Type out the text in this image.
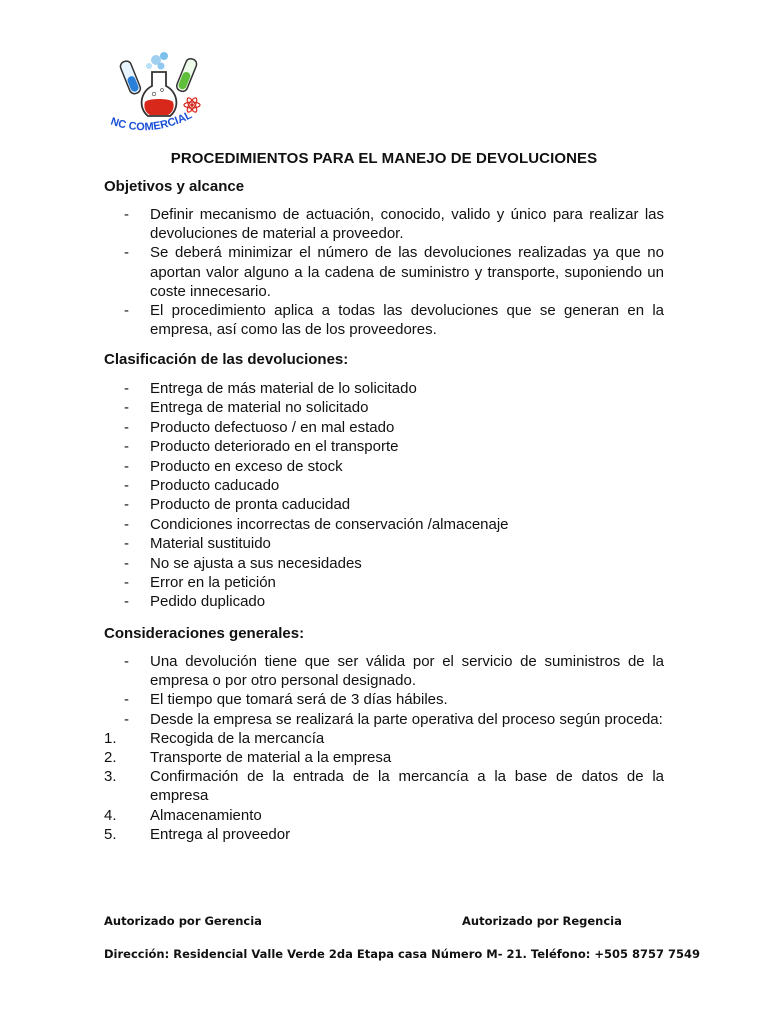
NC COMERCIAL
PROCEDIMIENTOS PARA EL MANEJO DE DEVOLUCIONES
Objetivos y alcance
- Definir mecanismo de actuación, conocido, valido y único para realizar las devoluciones de material a proveedor.
- Se deberá minimizar el número de las devoluciones realizadas ya que no aportan valor alguno a la cadena de suministro y transporte, suponiendo un coste innecesario.
- El procedimiento aplica a todas las devoluciones que se generan en la empresa, así como las de los proveedores.
Clasificación de las devoluciones:
- Entrega de más material de lo solicitado
- Entrega de material no solicitado
- Producto defectuoso / en mal estado
- Producto deteriorado en el transporte
- Producto en exceso de stock
- Producto caducado
- Producto de pronta caducidad
- Condiciones incorrectas de conservación /almacenaje
- Material sustituido
- No se ajusta a sus necesidades
- Error en la petición
- Pedido duplicado
Consideraciones generales:
- Una devolución tiene que ser válida por el servicio de suministros de la empresa o por otro personal designado.
- El tiempo que tomará será de 3 días hábiles.
- Desde la empresa se realizará la parte operativa del proceso según proceda:
1. Recogida de la mercancía
2. Transporte de material a la empresa
3. Confirmación de la entrada de la mercancía a la base de datos de la empresa
4. Almacenamiento
5. Entrega al proveedor
Autorizado por Gerencia	Autorizado por Regencia
Dirección: Residencial Valle Verde 2da Etapa casa Número M- 21. Teléfono: +505 8757 7549
